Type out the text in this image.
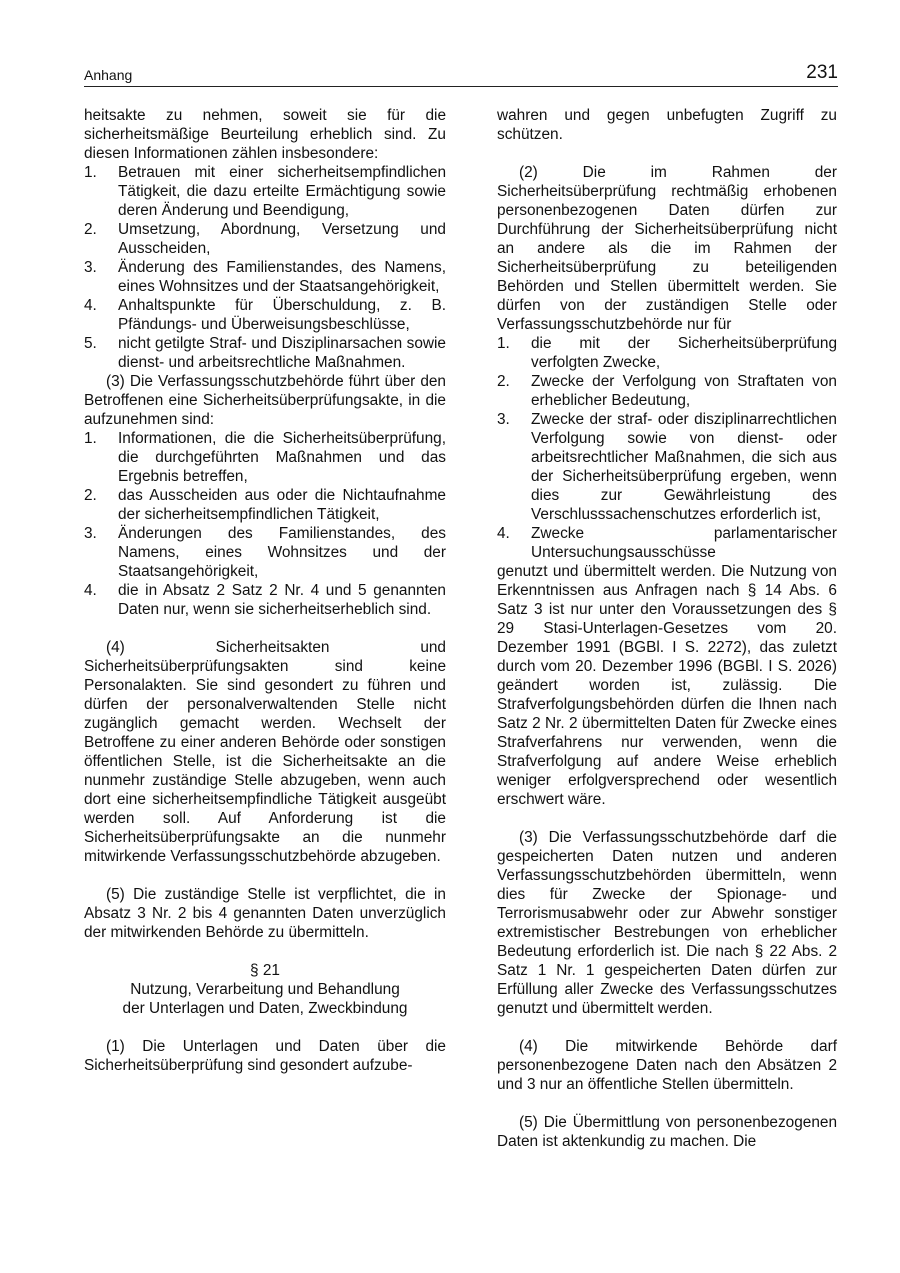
Anhang	231

heitsakte zu nehmen, soweit sie für die sicherheitsmäßige Beurteilung erheblich sind. Zu diesen Informationen zählen insbesondere:

1.	Betrauen mit einer sicherheitsempfindlichen Tätigkeit, die dazu erteilte Ermächtigung sowie deren Änderung und Beendigung,
2.	Umsetzung, Abordnung, Versetzung und Ausscheiden,
3.	Änderung des Familienstandes, des Namens, eines Wohnsitzes und der Staatsangehörigkeit,
4.	Anhaltspunkte für Überschuldung, z. B. Pfändungs- und Überweisungsbeschlüsse,
5.	nicht getilgte Straf- und Disziplinarsachen sowie dienst- und arbeitsrechtliche Maßnahmen.

(3) Die Verfassungsschutzbehörde führt über den Betroffenen eine Sicherheitsüberprüfungsakte, in die aufzunehmen sind:

1.	Informationen, die die Sicherheitsüberprüfung, die durchgeführten Maßnahmen und das Ergebnis betreffen,
2.	das Ausscheiden aus oder die Nichtaufnahme der sicherheitsempfindlichen Tätigkeit,
3.	Änderungen des Familienstandes, des Namens, eines Wohnsitzes und der Staatsangehörigkeit,
4.	die in Absatz 2 Satz 2 Nr. 4 und 5 genannten Daten nur, wenn sie sicherheitserheblich sind.

(4) Sicherheitsakten und Sicherheitsüberprüfungsakten sind keine Personalakten. Sie sind gesondert zu führen und dürfen der personalverwaltenden Stelle nicht zugänglich gemacht werden. Wechselt der Betroffene zu einer anderen Behörde oder sonstigen öffentlichen Stelle, ist die Sicherheitsakte an die nunmehr zuständige Stelle abzugeben, wenn auch dort eine sicherheitsempfindliche Tätigkeit ausgeübt werden soll. Auf Anforderung ist die Sicherheitsüberprüfungsakte an die nunmehr mitwirkende Verfassungsschutzbehörde abzugeben.

(5) Die zuständige Stelle ist verpflichtet, die in Absatz 3 Nr. 2 bis 4 genannten Daten unverzüglich der mitwirkenden Behörde zu übermitteln.

§ 21

Nutzung, Verarbeitung und Behandlung

der Unterlagen und Daten, Zweckbindung

(1) Die Unterlagen und Daten über die Sicherheitsüberprüfung sind gesondert aufzube-

wahren und gegen unbefugten Zugriff zu schützen.

(2) Die im Rahmen der Sicherheitsüberprüfung rechtmäßig erhobenen personenbezogenen Daten dürfen zur Durchführung der Sicherheitsüberprüfung nicht an andere als die im Rahmen der Sicherheitsüberprüfung zu beteiligenden Behörden und Stellen übermittelt werden. Sie dürfen von der zuständigen Stelle oder Verfassungsschutzbehörde nur für

1.	die mit der Sicherheitsüberprüfung verfolgten Zwecke,
2.	Zwecke der Verfolgung von Straftaten von erheblicher Bedeutung,
3.	Zwecke der straf- oder disziplinarrechtlichen Verfolgung sowie von dienst- oder arbeitsrechtlicher Maßnahmen, die sich aus der Sicherheitsüberprüfung ergeben, wenn dies zur Gewährleistung des Verschlusssachenschutzes erforderlich ist,
4.	Zwecke parlamentarischer Untersuchungsausschüsse

genutzt und übermittelt werden. Die Nutzung von Erkenntnissen aus Anfragen nach § 14 Abs. 6 Satz 3 ist nur unter den Voraussetzungen des § 29 Stasi-Unterlagen-Gesetzes vom 20. Dezember 1991 (BGBl. I S. 2272), das zuletzt durch vom 20. Dezember 1996 (BGBl. I S. 2026) geändert worden ist, zulässig. Die Strafverfolgungsbehörden dürfen die Ihnen nach Satz 2 Nr. 2 übermittelten Daten für Zwecke eines Strafverfahrens nur verwenden, wenn die Strafverfolgung auf andere Weise erheblich weniger erfolgversprechend oder wesentlich erschwert wäre.

(3) Die Verfassungsschutzbehörde darf die gespeicherten Daten nutzen und anderen Verfassungsschutzbehörden übermitteln, wenn dies für Zwecke der Spionage- und Terrorismusabwehr oder zur Abwehr sonstiger extremistischer Bestrebungen von erheblicher Bedeutung erforderlich ist. Die nach § 22 Abs. 2 Satz 1 Nr. 1 gespeicherten Daten dürfen zur Erfüllung aller Zwecke des Verfassungsschutzes genutzt und übermittelt werden.

(4) Die mitwirkende Behörde darf personenbezogene Daten nach den Absätzen 2 und 3 nur an öffentliche Stellen übermitteln.

(5) Die Übermittlung von personenbezogenen Daten ist aktenkundig zu machen. Die
